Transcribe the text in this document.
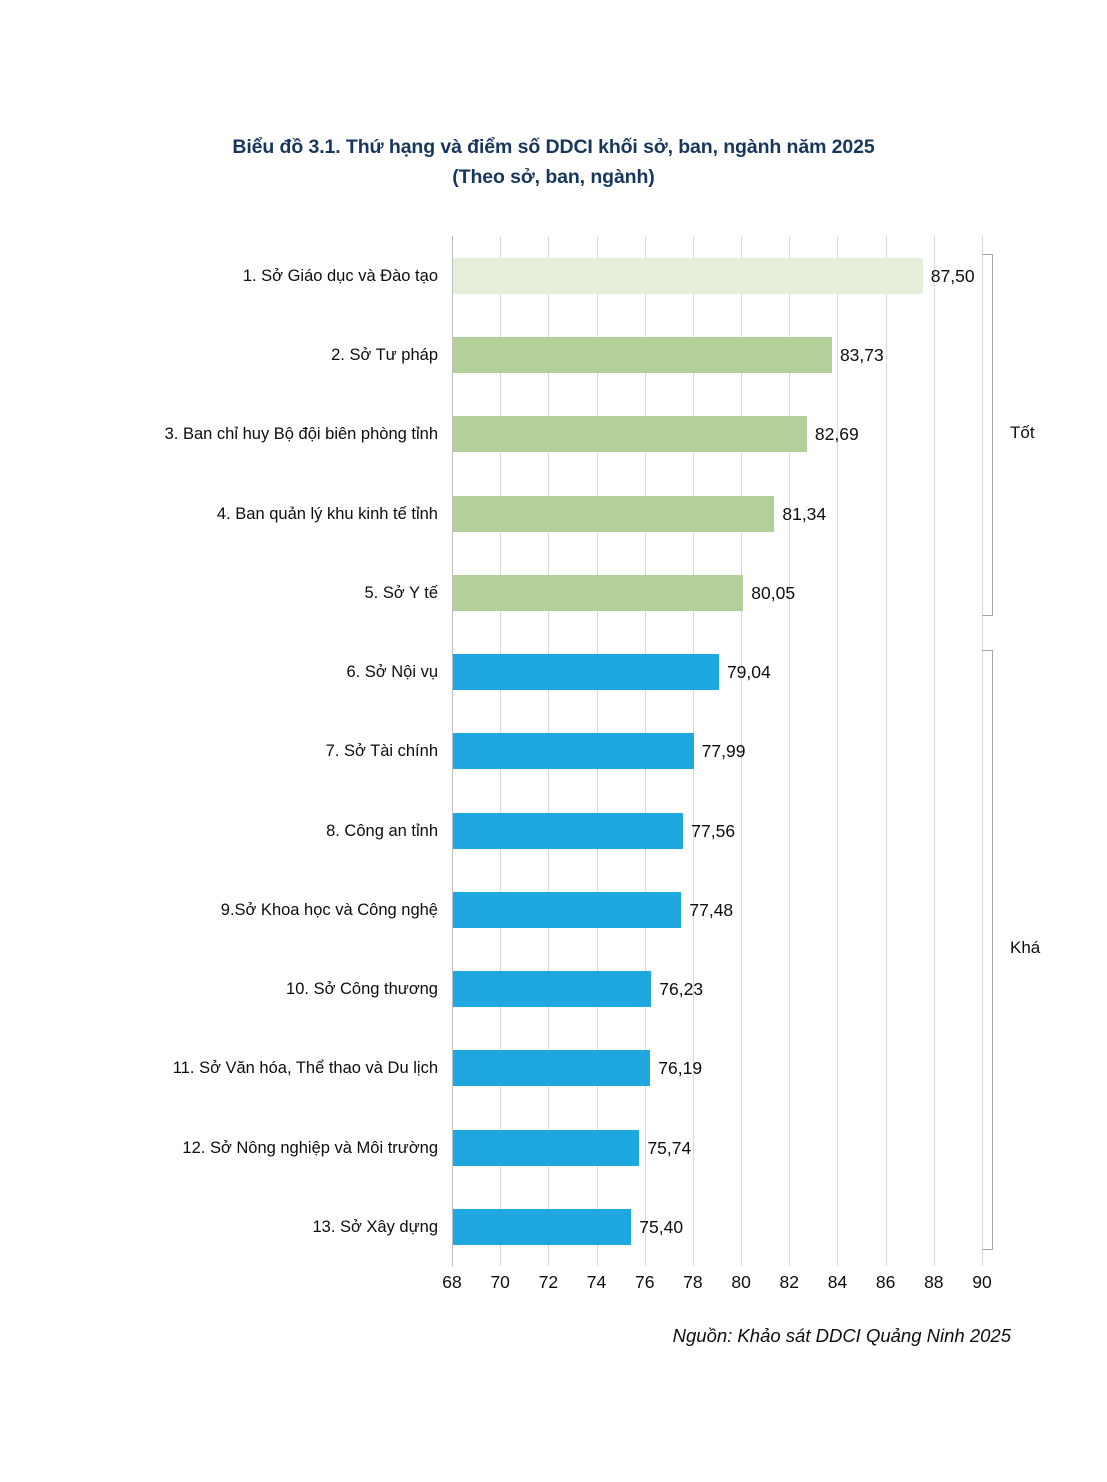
Biểu đồ 3.1. Thứ hạng và điểm số DDCI khối sở, ban, ngành năm 2025
(Theo sở, ban, ngành)
1. Sở Giáo dục và Đào tạo	87,50
2. Sở Tư pháp	83,73
3. Ban chỉ huy Bộ đội biên phòng tỉnh	82,69
4. Ban quản lý khu kinh tế tỉnh	81,34
5. Sở Y tế	80,05
6. Sở Nội vụ	79,04
7. Sở Tài chính	77,99
8. Công an tỉnh	77,56
9.Sở Khoa học và Công nghệ	77,48
10. Sở Công thương	76,23
11. Sở Văn hóa, Thể thao và Du lịch	76,19
12. Sở Nông nghiệp và Môi trường	75,74
13. Sở Xây dựng	75,40
68 70 72 74 76 78 80 82 84 86 88 90
Tốt
Khá
Nguồn: Khảo sát DDCI Quảng Ninh 2025
